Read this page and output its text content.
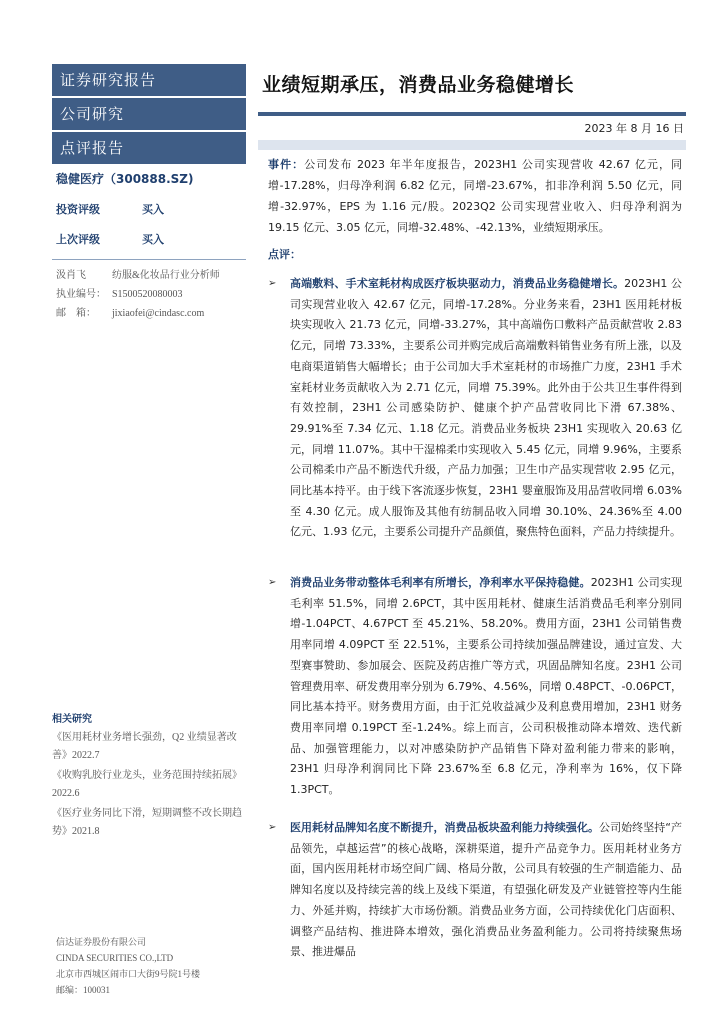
证券研究报告
公司研究
点评报告
稳健医疗（300888.SZ)
投资评级	买入
上次评级	买入
汲肖飞	纺服&化妆品行业分析师
执业编号： S1500520080003
邮　箱：	jixiaofei@cindasc.com
相关研究
《医用耗材业务增长强劲，Q2 业绩显著改善》2022.7
《收购乳胶行业龙头，业务范围持续拓展》2022.6
《医疗业务同比下滑，短期调整不改长期趋势》2021.8
信达证券股份有限公司
CINDA SECURITIES CO.,LTD
北京市西城区闹市口大街9号院1号楼
邮编：100031
业绩短期承压，消费品业务稳健增长
2023 年 8 月 16 日
事件：公司发布 2023 年半年度报告，2023H1 公司实现营收 42.67 亿元，同增-17.28%，归母净利润 6.82 亿元，同增-23.67%，扣非净利润 5.50 亿元，同增-32.97%，EPS 为 1.16 元/股。2023Q2 公司实现营业收入、归母净利润为 19.15 亿元、3.05 亿元，同增-32.48%、-42.13%，业绩短期承压。
点评：
➢	高端敷料、手术室耗材构成医疗板块驱动力，消费品业务稳健增长。2023H1 公司实现营业收入 42.67 亿元，同增-17.28%。分业务来看，23H1 医用耗材板块实现收入 21.73 亿元，同增-33.27%，其中高端伤口敷料产品贡献营收 2.83 亿元，同增 73.33%，主要系公司并购完成后高端敷料销售业务有所上涨，以及电商渠道销售大幅增长；由于公司加大手术室耗材的市场推广力度，23H1 手术室耗材业务贡献收入为 2.71 亿元，同增 75.39%。此外由于公共卫生事件得到有效控制，23H1 公司感染防护、健康个护产品营收同比下滑 67.38%、29.91%至 7.34 亿元、1.18 亿元。消费品业务板块 23H1 实现收入 20.63 亿元，同增 11.07%。其中干湿棉柔巾实现收入 5.45 亿元，同增 9.96%，主要系公司棉柔巾产品不断迭代升级，产品力加强；卫生巾产品实现营收 2.95 亿元，同比基本持平。由于线下客流逐步恢复，23H1 婴童服饰及用品营收同增 6.03%至 4.30 亿元。成人服饰及其他有纺制品收入同增 30.10%、24.36%至 4.00 亿元、1.93 亿元，主要系公司提升产品颜值，聚焦特色面料，产品力持续提升。
➢	消费品业务带动整体毛利率有所增长，净利率水平保持稳健。2023H1 公司实现毛利率 51.5%，同增 2.6PCT，其中医用耗材、健康生活消费品毛利率分别同增-1.04PCT、4.67PCT 至 45.21%、58.20%。费用方面，23H1 公司销售费用率同增 4.09PCT 至 22.51%，主要系公司持续加强品牌建设，通过宣发、大型赛事赞助、参加展会、医院及药店推广等方式，巩固品牌知名度。23H1 公司管理费用率、研发费用率分别为 6.79%、4.56%，同增 0.48PCT、-0.06PCT，同比基本持平。财务费用方面，由于汇兑收益减少及利息费用增加，23H1 财务费用率同增 0.19PCT 至-1.24%。综上而言，公司积极推动降本增效、迭代新品、加强管理能力，以对冲感染防护产品销售下降对盈利能力带来的影响，23H1 归母净利润同比下降 23.67%至 6.8 亿元，净利率为 16%，仅下降 1.3PCT。
➢	医用耗材品牌知名度不断提升，消费品板块盈利能力持续强化。公司始终坚持“产品领先，卓越运营”的核心战略，深耕渠道，提升产品竞争力。医用耗材业务方面，国内医用耗材市场空间广阔、格局分散，公司具有较强的生产制造能力、品牌知名度以及持续完善的线上及线下渠道，有望强化研发及产业链管控等内生能力、外延并购，持续扩大市场份额。消费品业务方面，公司持续优化门店面积、调整产品结构、推进降本增效，强化消费品业务盈利能力。公司将持续聚焦场景、推进爆品
